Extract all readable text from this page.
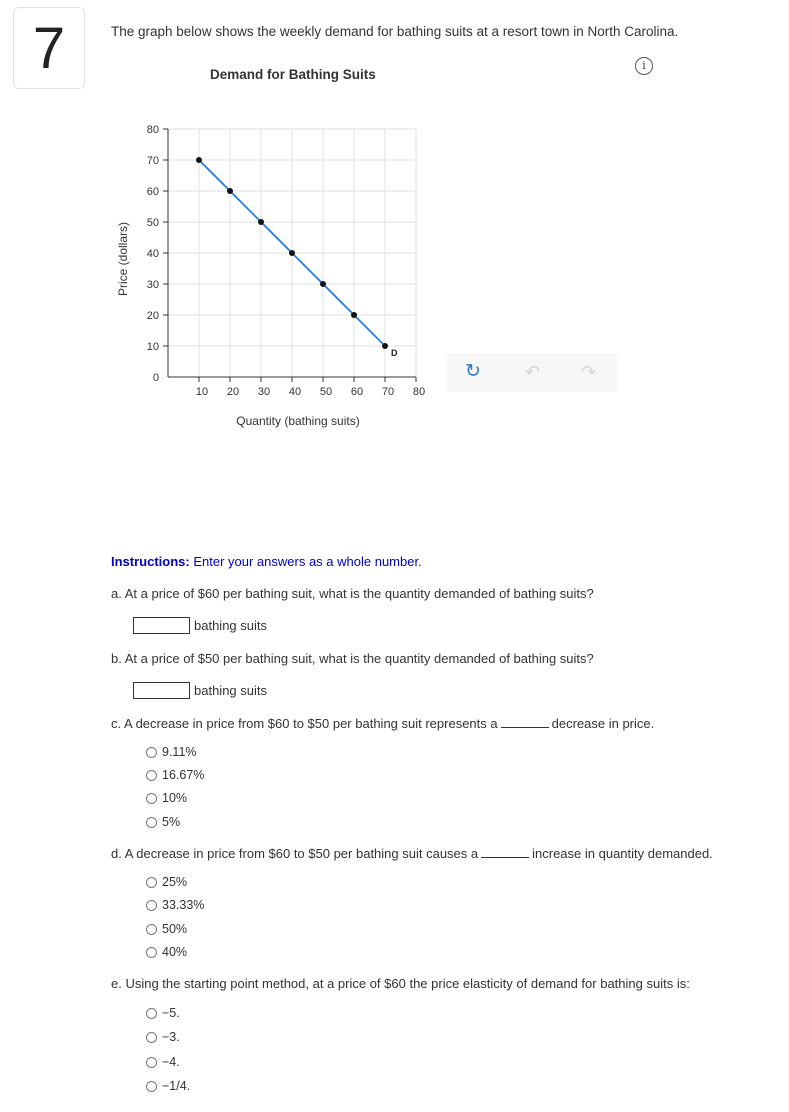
7	The graph below shows the weekly demand for bathing suits at a resort town in North Carolina.
i
Demand for Bathing Suits
10 20 30 40 50 60 70 80
10
20
30
40
50
60
70
80
0
Quantity (bathing suits)
Price (dollars)
D
↻ ↶ ↷
Instructions: Enter your answers as a whole number.
a. At a price of $60 per bathing suit, what is the quantity demanded of bathing suits?
bathing suits
b. At a price of $50 per bathing suit, what is the quantity demanded of bathing suits?
bathing suits
c. A decrease in price from $60 to $50 per bathing suit represents a	decrease in price.
9.11%
16.67%
10%
5%
d. A decrease in price from $60 to $50 per bathing suit causes a	increase in quantity demanded.
25%
33.33%
50%
40%
e. Using the starting point method, at a price of $60 the price elasticity of demand for bathing suits is:
−5.
−3.
−4.
−1/4.
